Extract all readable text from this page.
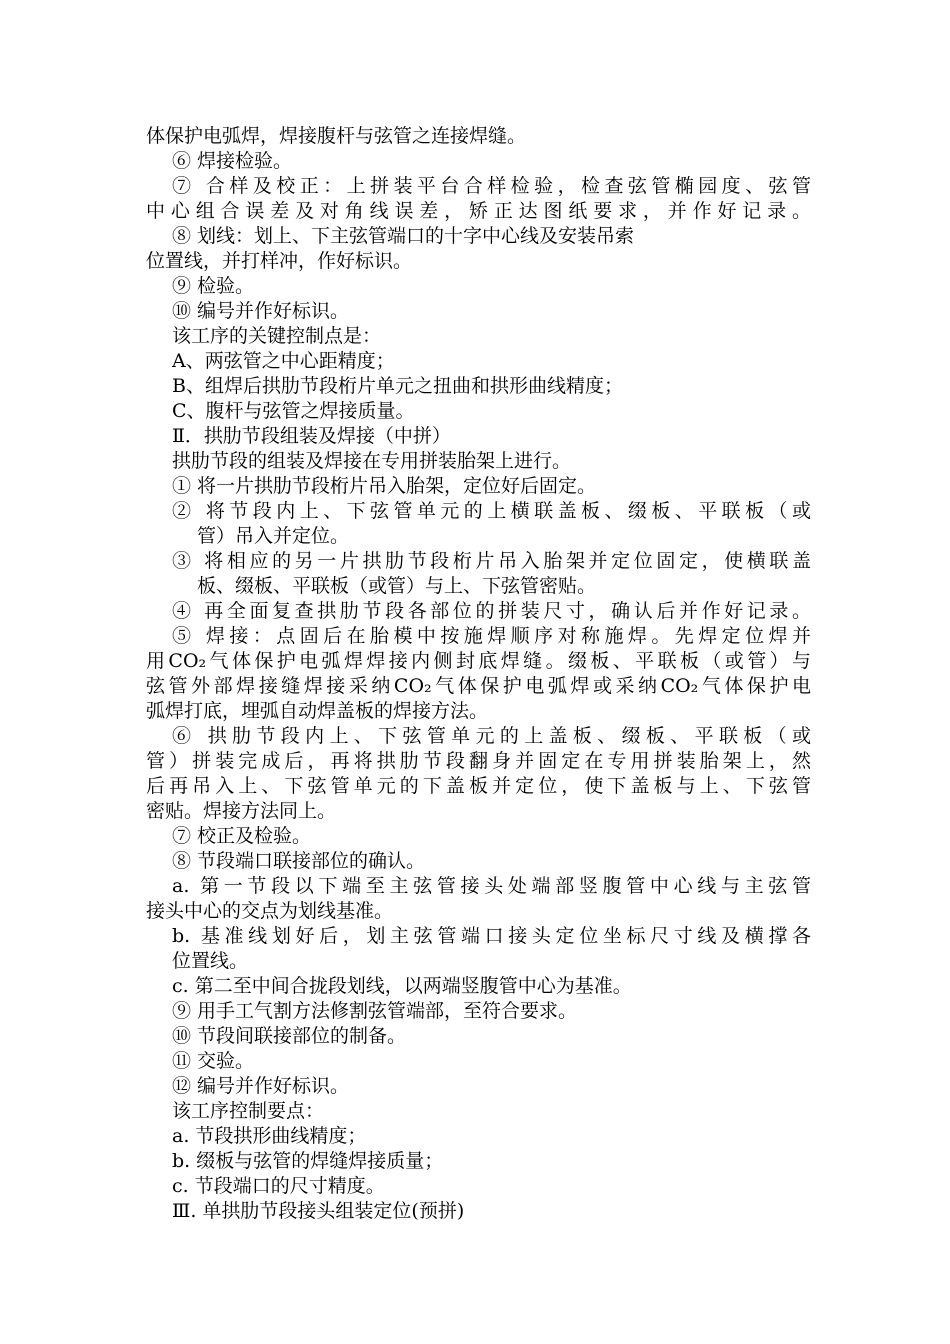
体保护电弧焊，焊接腹杆与弦管之连接焊缝。
⑥ 焊接检验。
⑦ 合样及校正：上拼装平台合样检验，检查弦管椭园度、弦管
中心组合误差及对角线误差，矫正达图纸要求，并作好记录。
⑧ 划线：划上、下主弦管端口的十字中心线及安装吊索
位置线，并打样冲，作好标识。
⑨ 检验。
⑩ 编号并作好标识。
该工序的关键控制点是：
A、两弦管之中心距精度；
B、组焊后拱肋节段桁片单元之扭曲和拱形曲线精度；
C、腹杆与弦管之焊接质量。
Ⅱ．拱肋节段组装及焊接（中拼）
拱肋节段的组装及焊接在专用拼装胎架上进行。
① 将一片拱肋节段桁片吊入胎架，定位好后固定。
② 将节段内上、下弦管单元的上横联盖板、缀板、平联板（或
管）吊入并定位。
③ 将相应的另一片拱肋节段桁片吊入胎架并定位固定，使横联盖
板、缀板、平联板（或管）与上、下弦管密贴。
④ 再全面复查拱肋节段各部位的拼装尺寸，确认后并作好记录。
⑤ 焊接：点固后在胎模中按施焊顺序对称施焊。先焊定位焊并
用CO₂气体保护电弧焊焊接内侧封底焊缝。缀板、平联板（或管）与
弦管外部焊接缝焊接采纳CO₂气体保护电弧焊或采纳CO₂气体保护电
弧焊打底，埋弧自动焊盖板的焊接方法。
⑥ 拱肋节段内上、下弦管单元的上盖板、缀板、平联板（或
管）拼装完成后，再将拱肋节段翻身并固定在专用拼装胎架上，然
后再吊入上、下弦管单元的下盖板并定位，使下盖板与上、下弦管
密贴。焊接方法同上。
⑦ 校正及检验。
⑧ 节段端口联接部位的确认。
a. 第一节段以下端至主弦管接头处端部竖腹管中心线与主弦管
接头中心的交点为划线基准。
b. 基准线划好后，划主弦管端口接头定位坐标尺寸线及横撑各
位置线。
c. 第二至中间合拢段划线，以两端竖腹管中心为基准。
⑨ 用手工气割方法修割弦管端部，至符合要求。
⑩ 节段间联接部位的制备。
⑪ 交验。
⑫ 编号并作好标识。
该工序控制要点：
a. 节段拱形曲线精度；
b. 缀板与弦管的焊缝焊接质量；
c. 节段端口的尺寸精度。
Ⅲ. 单拱肋节段接头组装定位(预拼)
